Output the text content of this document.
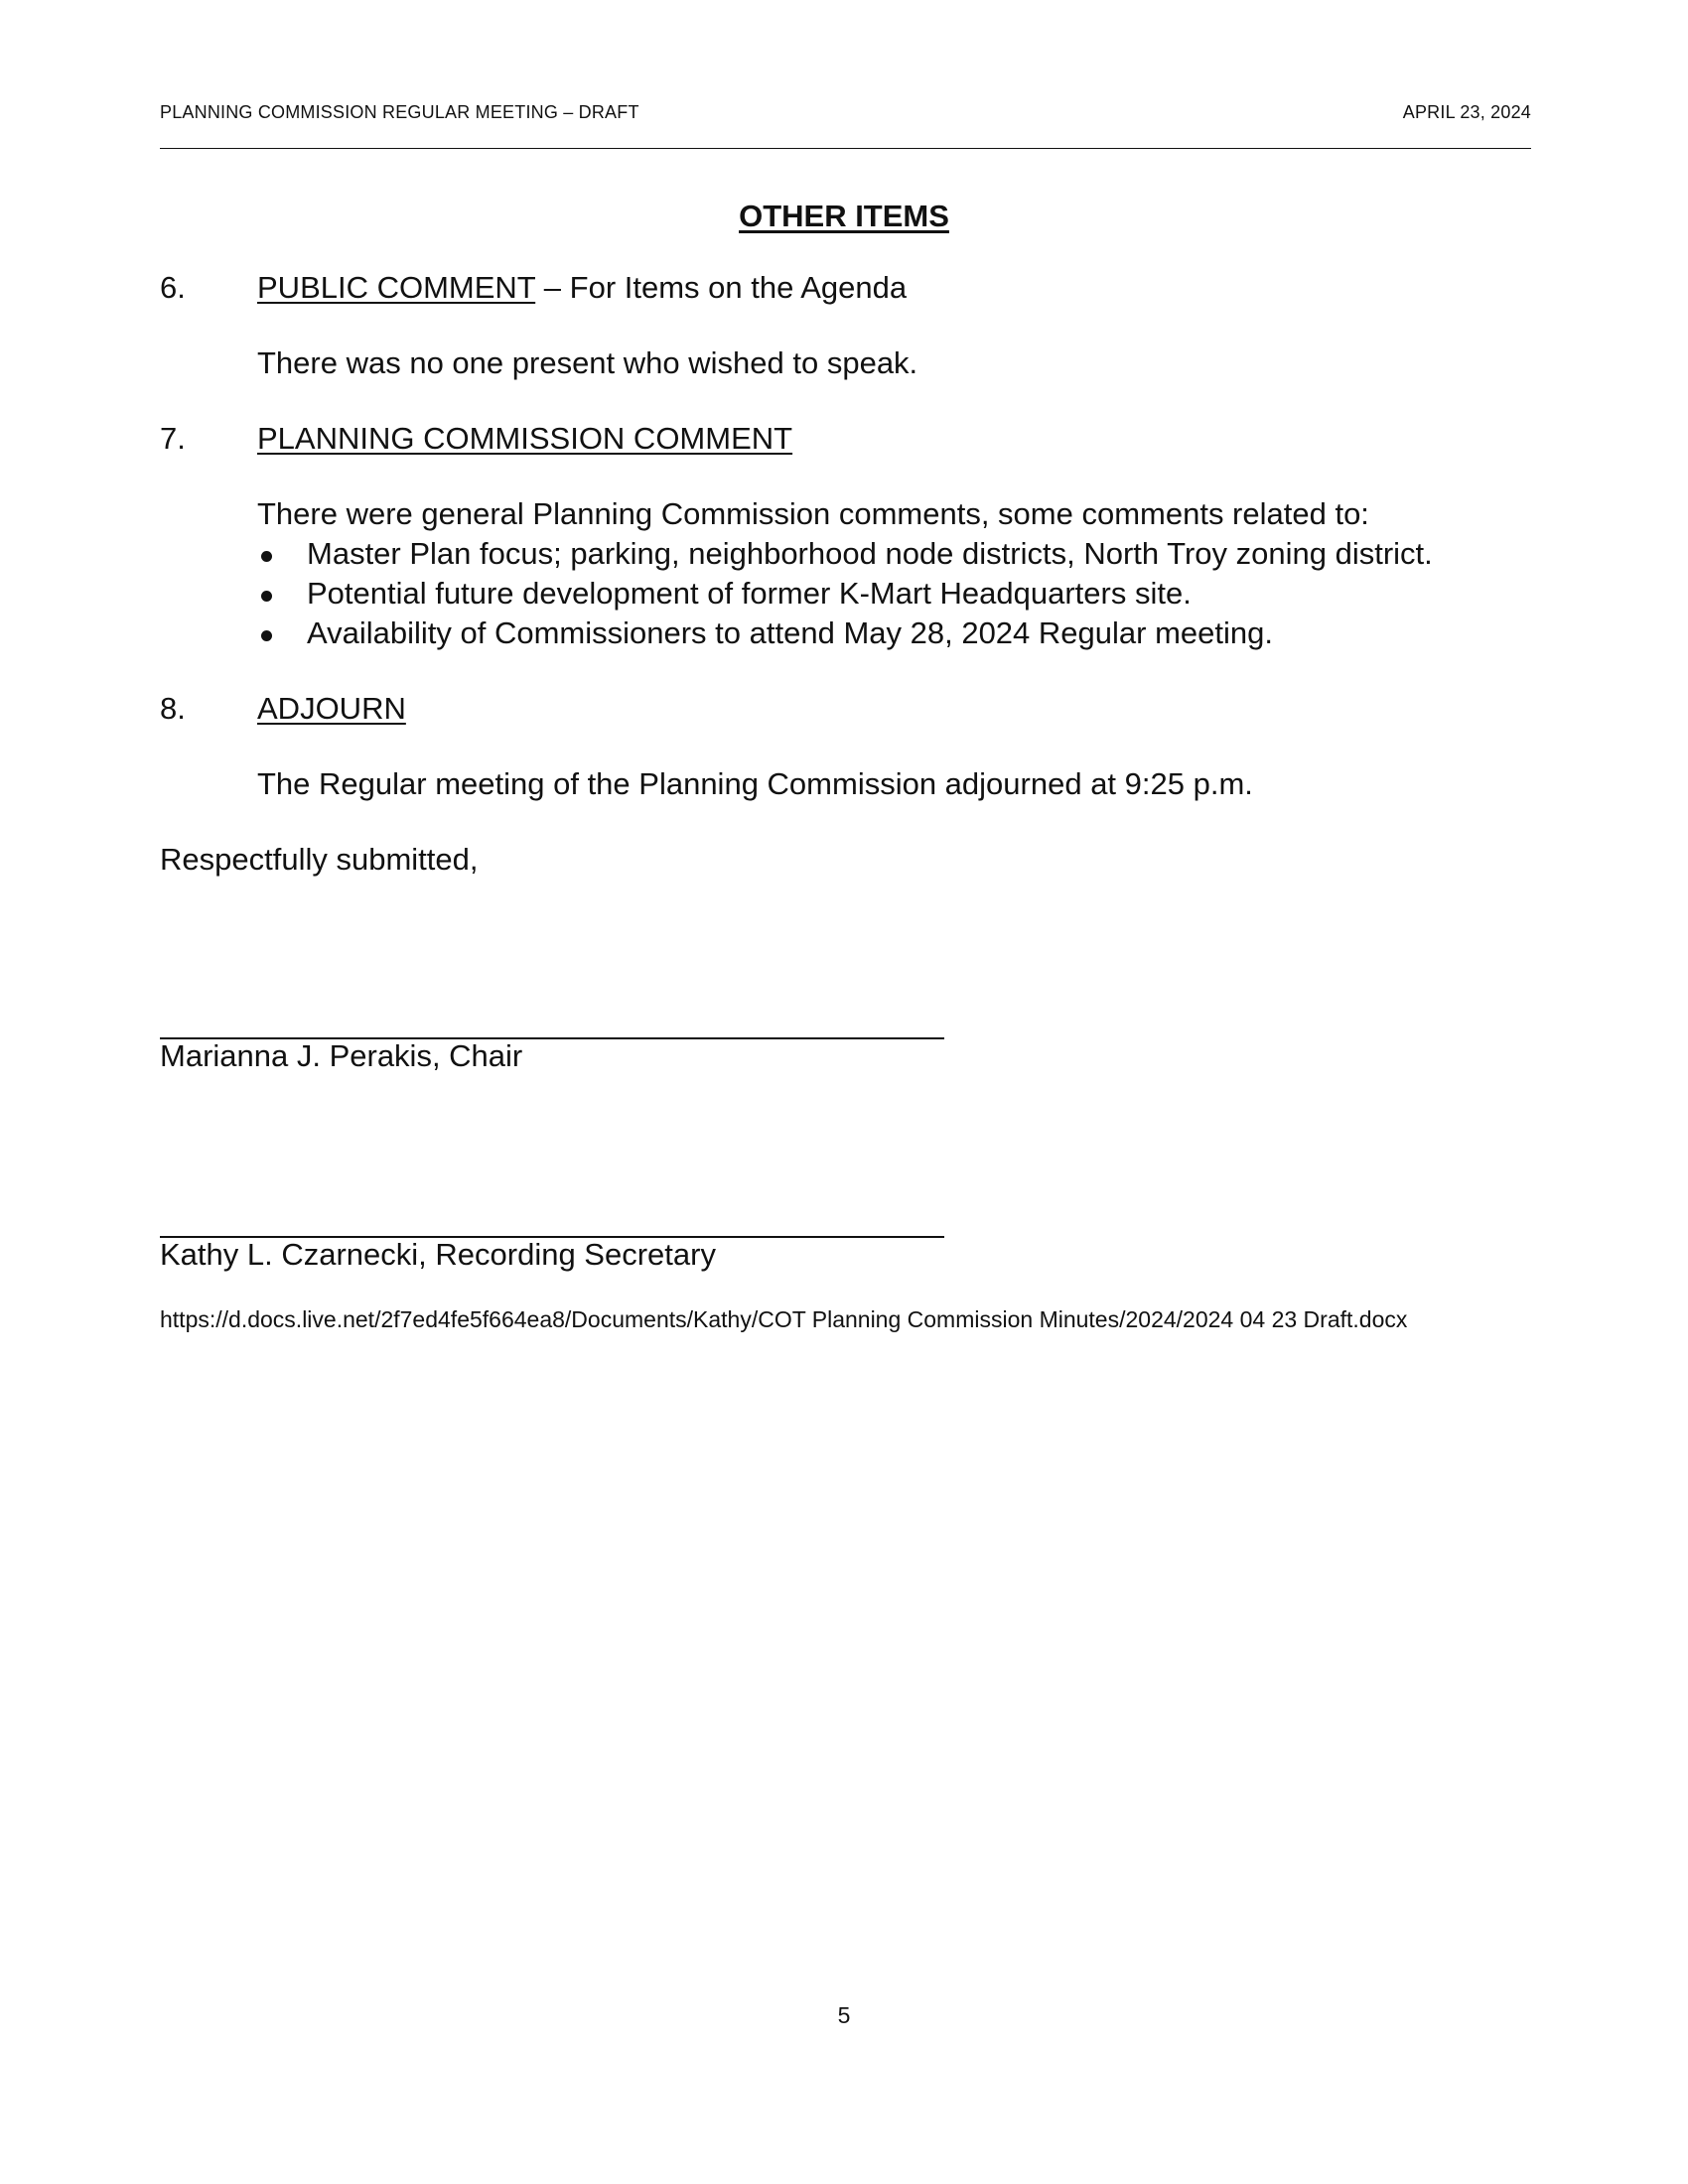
PLANNING COMMISSION REGULAR MEETING – DRAFT	APRIL 23, 2024
OTHER ITEMS
6. PUBLIC COMMENT – For Items on the Agenda
There was no one present who wished to speak.
7. PLANNING COMMISSION COMMENT
There were general Planning Commission comments, some comments related to:
Master Plan focus; parking, neighborhood node districts, North Troy zoning district.
Potential future development of former K-Mart Headquarters site.
Availability of Commissioners to attend May 28, 2024 Regular meeting.
8. ADJOURN
The Regular meeting of the Planning Commission adjourned at 9:25 p.m.
Respectfully submitted,
Marianna J. Perakis, Chair
Kathy L. Czarnecki, Recording Secretary
https://d.docs.live.net/2f7ed4fe5f664ea8/Documents/Kathy/COT Planning Commission Minutes/2024/2024 04 23 Draft.docx
5
